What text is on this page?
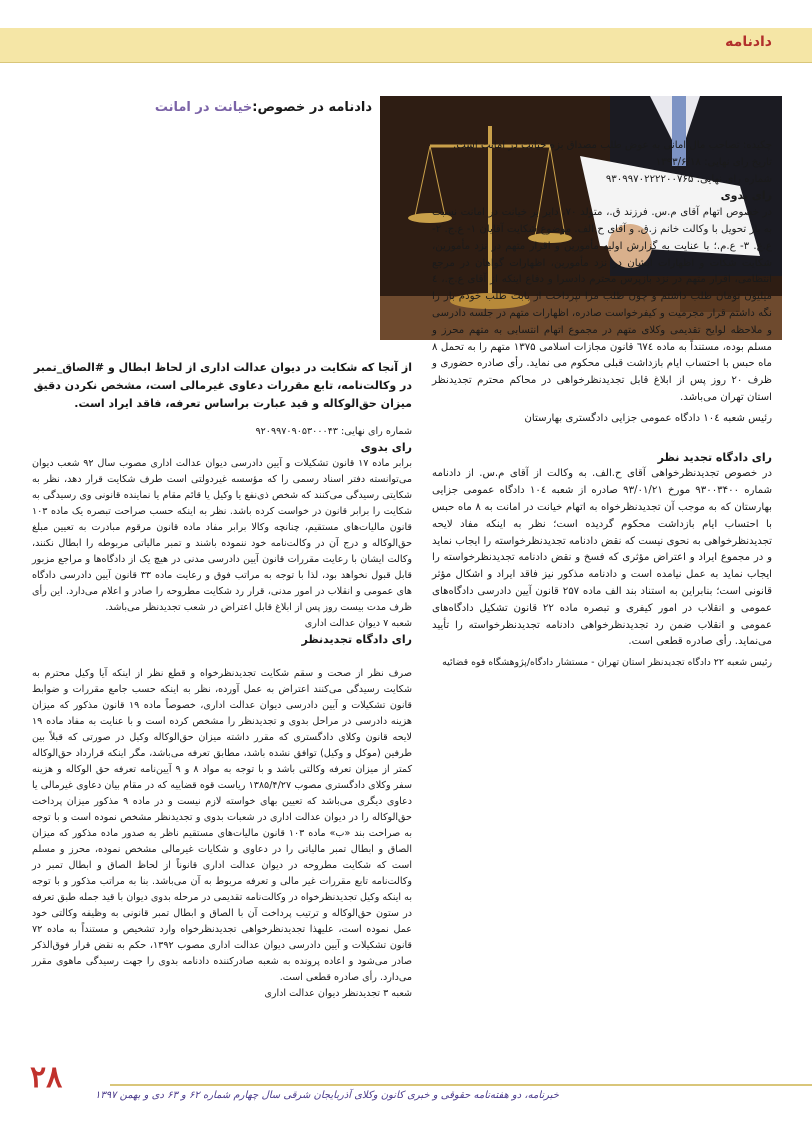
دادنامه
دادنامه در خصوص:خیانت در امانت

چکیده: تصاحب مال امانی به عوض طلب مصداق بزه خیانت در امانت است.

تاریخ رای نهایی: ۱۳۹۳/۶/۱۸

شماره رای نهایی: ۹۳۰۹۹۷۰۲۲۲۲۰۰۷۶۵

رای بدوی

در خصوص اتهام آقای م.س. فرزند ق.، متولد ۷۰، دایر بر خیانت در امانت نسبت به بار تحویل با وکالت خانم ز.ق. و آقای ح.الف. موضوع شکایت آقایان ۱- ع.ج. ۲- ع.ع. ۳- ع.م.؛ با عنایت به گزارش اولیه مأمورین و اقرار متهم در نزد مأمورین، شکایت شکات و اظهارات ایشان در نزد مأمورین، اظهارات گواهان در مرجع انتظامی، اقرار متهم در نزد بازپرس محترم دادسرا و دفاع اینکه از آقای ع.ج.، ٤ میلیون تومان طلب داشتم و چون طلب مرا نپرداخت از بابت طلب خودم بار را نگه داشتم قرار مجرمیت و کیفرخواست صادره، اظهارات متهم در جلسه دادرسی و ملاحظه لوایح تقدیمی وکلای متهم در مجموع اتهام انتسابی به متهم محرز و مسلم بوده، مستنداً به ماده ٦٧٤ قانون مجازات اسلامی ۱۳۷۵ متهم را به تحمل ۸ ماه حبس با احتساب ایام بازداشت قبلی محکوم می نماید. رأی صادره حضوری و ظرف ۲۰ روز پس از ابلاغ قابل تجدیدنظرخواهی در محاکم محترم تجدیدنظر استان تهران می‌باشد.

رئیس شعبه ١٠٤ دادگاه عمومی جزایی دادگستری بهارستان

رای دادگاه تجدید نظر

در خصوص تجدیدنظرخواهی آقای ح.الف. به وکالت از آقای م.س. از دادنامه شماره ۹۳۰۰۳۴۰۰ مورخ ۹۳/۰۱/۲۱ صادره از شعبه ١٠٤ دادگاه عمومی جزایی بهارستان که به موجب آن تجدیدنظرخواه به اتهام خیانت در امانت به ۸ ماه حبس با احتساب ایام بازداشت محکوم گردیده است؛ نظر به اینکه مفاد لایحه تجدیدنظرخواهی به نحوی نیست که نقض دادنامه تجدیدنظرخواسته را ایجاب نماید و در مجموع ایراد و اعتراض مؤثری که فسخ و نقض دادنامه تجدیدنظرخواسته را ایجاب نماید به عمل نیامده است و دادنامه مذکور نیز فاقد ایراد و اشکال مؤثر قانونی است؛ بنابراین به استناد بند الف ماده ۲۵۷ قانون آیین دادرسی دادگاه‌های عمومی و انقلاب در امور کیفری و تبصره ماده ۲۲ قانون تشکیل دادگاه‌های عمومی و انقلاب ضمن رد تجدیدنظرخواهی دادنامه تجدیدنظرخواسته را تأیید می‌نماید. رأی صادره قطعی است.

رئیس شعبه ۲۲ دادگاه تجدیدنظر استان تهران - مستشار دادگاه/پژوهشگاه قوه قضائیه

از آنجا که شکایت در دیوان عدالت اداری از لحاظ ابطال و #الصاق_تمبر در وکالت‌نامه، تابع مقررات دعاوی غیرمالی است، مشخص نکردن دقیق میزان حق‌الوکاله و قید عبارت براساس تعرفه، فاقد ایراد است.

شماره رای نهایی: ۹۲۰۹۹۷۰۹۰۵۳۰۰۰۴۳

رای بدوی

برابر ماده ۱۷ قانون تشکیلات و آیین دادرسی دیوان عدالت اداری مصوب سال ۹۲ شعب دیوان می‌توانسته دفتر اسناد رسمی را که مؤسسه غیردولتی است طرف شکایت قرار دهد، نظر به شکایتی رسیدگی می‌کنند که شخص ذی‌نفع یا وکیل یا قائم مقام یا نماینده قانونی وی رسیدگی به شکایت را برابر قانون در خواست کرده باشد. نظر به اینکه حسب صراحت تبصره یک ماده ۱۰۳ قانون مالیات‌های مستقیم، چنانچه وکالا برابر مفاد ماده قانون مرقوم مبادرت به تعیین مبلغ حق‌الوکاله و درج آن در وکالت‌نامه خود ننموده باشند و تمبر مالیاتی مربوطه را ابطال نکنند، وکالت ایشان با رعایت مقررات قانون آیین دادرسی مدنی در هیچ یک از دادگاه‌ها و مراجع مزبور قابل قبول نخواهد بود، لذا با توجه به مراتب فوق و رعایت ماده ۳۳ قانون آیین دادرسی دادگاه های عمومی و انقلاب در امور مدنی، قرار رد شکایت مطروحه را صادر و اعلام می‌دارد. این رأی ظرف مدت بیست روز پس از ابلاغ قابل اعتراض در شعب تجدیدنظر می‌باشد.

شعبه ۷ دیوان عدالت اداری

رای دادگاه تجدیدنظر

صرف نظر از صحت و سقم شکایت تجدیدنظرخواه و قطع نظر از اینکه آیا وکیل محترم به شکایت رسیدگی می‌کنند اعتراض به عمل آورده، نظر به اینکه حسب جامع مقررات و ضوابط قانون تشکیلات و آیین دادرسی دیوان عدالت اداری، خصوصاً ماده ۱۹ قانون مذکور که میزان هزینه دادرسی در مراحل بدوی و تجدیدنظر را مشخص کرده است و با عنایت به مفاد ماده ۱۹ لایحه قانون وکلای دادگستری که مقرر داشته میزان حق‌الوکاله وکیل در صورتی که قبلاً بین طرفین (موکل و وکیل) توافق نشده باشد، مطابق تعرفه می‌باشد، مگر اینکه قرارداد حق‌الوکاله کمتر از میزان تعرفه وکالتی باشد و با توجه به مواد ۸ و ۹ آیین‌نامه تعرفه حق الوکاله و هزینه سفر وکلای دادگستری مصوب ۱۳۸۵/۴/۲۷ ریاست قوه قضاییه که در مقام بیان دعاوی غیرمالی یا دعاوی دیگری می‌باشد که تعیین بهای خواسته لازم نیست و در ماده ۹ مذکور میزان پرداخت حق‌الوکاله را در دیوان عدالت اداری در شعبات بدوی و تجدیدنظر مشخص نموده است و با توجه به صراحت بند «ب» ماده ۱۰۳ قانون مالیات‌های مستقیم ناظر به صدور ماده مذکور که میزان الصاق و ابطال تمبر مالیاتی را در دعاوی و شکایات غیرمالی مشخص نموده، محرز و مسلم است که شکایت مطروحه در دیوان عدالت اداری قانوناً از لحاظ الصاق و ابطال تمبر در وکالت‌نامه تابع مقررات غیر مالی و تعرفه مربوط به آن می‌باشد. بنا به مراتب مذکور و با توجه به اینکه وکیل تجدیدنظرخواه در وکالت‌نامه تقدیمی در مرحله بدوی دیوان با قید جمله طبق تعرفه در ستون حق‌الوکاله و ترتیب پرداخت آن با الصاق و ابطال تمبر قانونی به وظیفه وکالتی خود عمل نموده است، علیهذا تجدیدنظرخواهی تجدیدنظرخواه وارد تشخیص و مستنداً به ماده ۷۲ قانون تشکیلات و آیین دادرسی دیوان عدالت اداری مصوب ۱۳۹۲، حکم به نقض قرار فوق‌الذکر صادر می‌شود و اعاده پرونده به شعبه صادرکننده دادنامه بدوی را جهت رسیدگی ماهوی مقرر می‌دارد. رأی صادره قطعی است.

شعبه ۳ تجدیدنظر دیوان عدالت اداری

۲۸
خبرنامه، دو هفته‌نامه حقوقی و خبری کانون وکلای آذربایجان شرقی سال چهارم شماره ۶۲ و ۶۳ دی و بهمن ۱۳۹۷
